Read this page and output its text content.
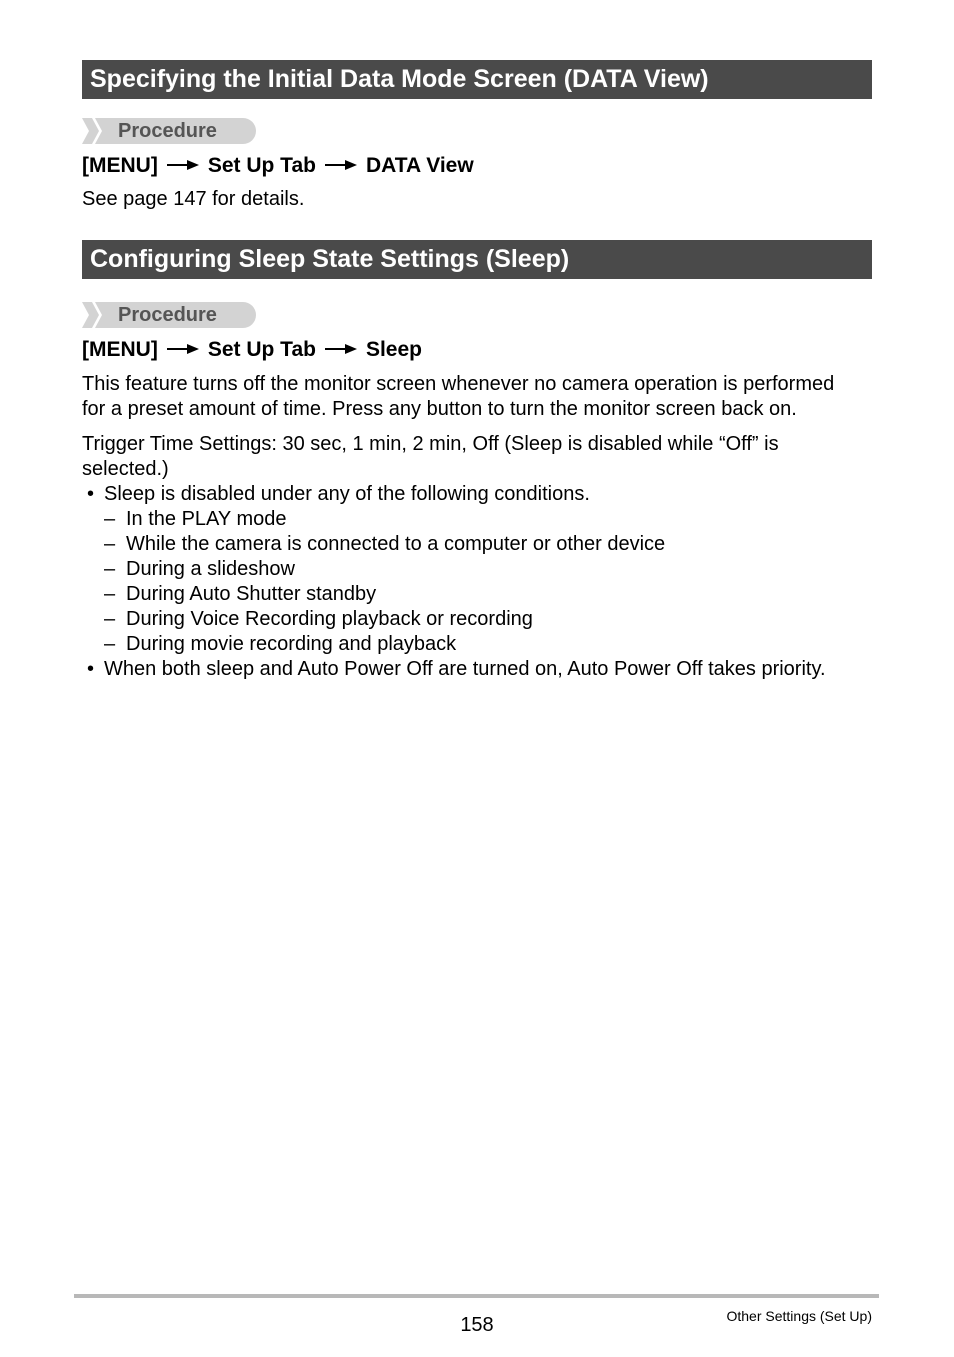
Specifying the Initial Data Mode Screen (DATA View)
Procedure
[MENU] Set Up Tab DATA View
See page 147 for details.
Configuring Sleep State Settings (Sleep)
Procedure
[MENU] Set Up Tab Sleep
This feature turns off the monitor screen whenever no camera operation is performed
for a preset amount of time. Press any button to turn the monitor screen back on.
Trigger Time Settings: 30 sec, 1 min, 2 min, Off (Sleep is disabled while “Off” is
selected.)
• Sleep is disabled under any of the following conditions.
– In the PLAY mode
– While the camera is connected to a computer or other device
– During a slideshow
– During Auto Shutter standby
– During Voice Recording playback or recording
– During movie recording and playback
• When both sleep and Auto Power Off are turned on, Auto Power Off takes priority.
158	Other Settings (Set Up)
